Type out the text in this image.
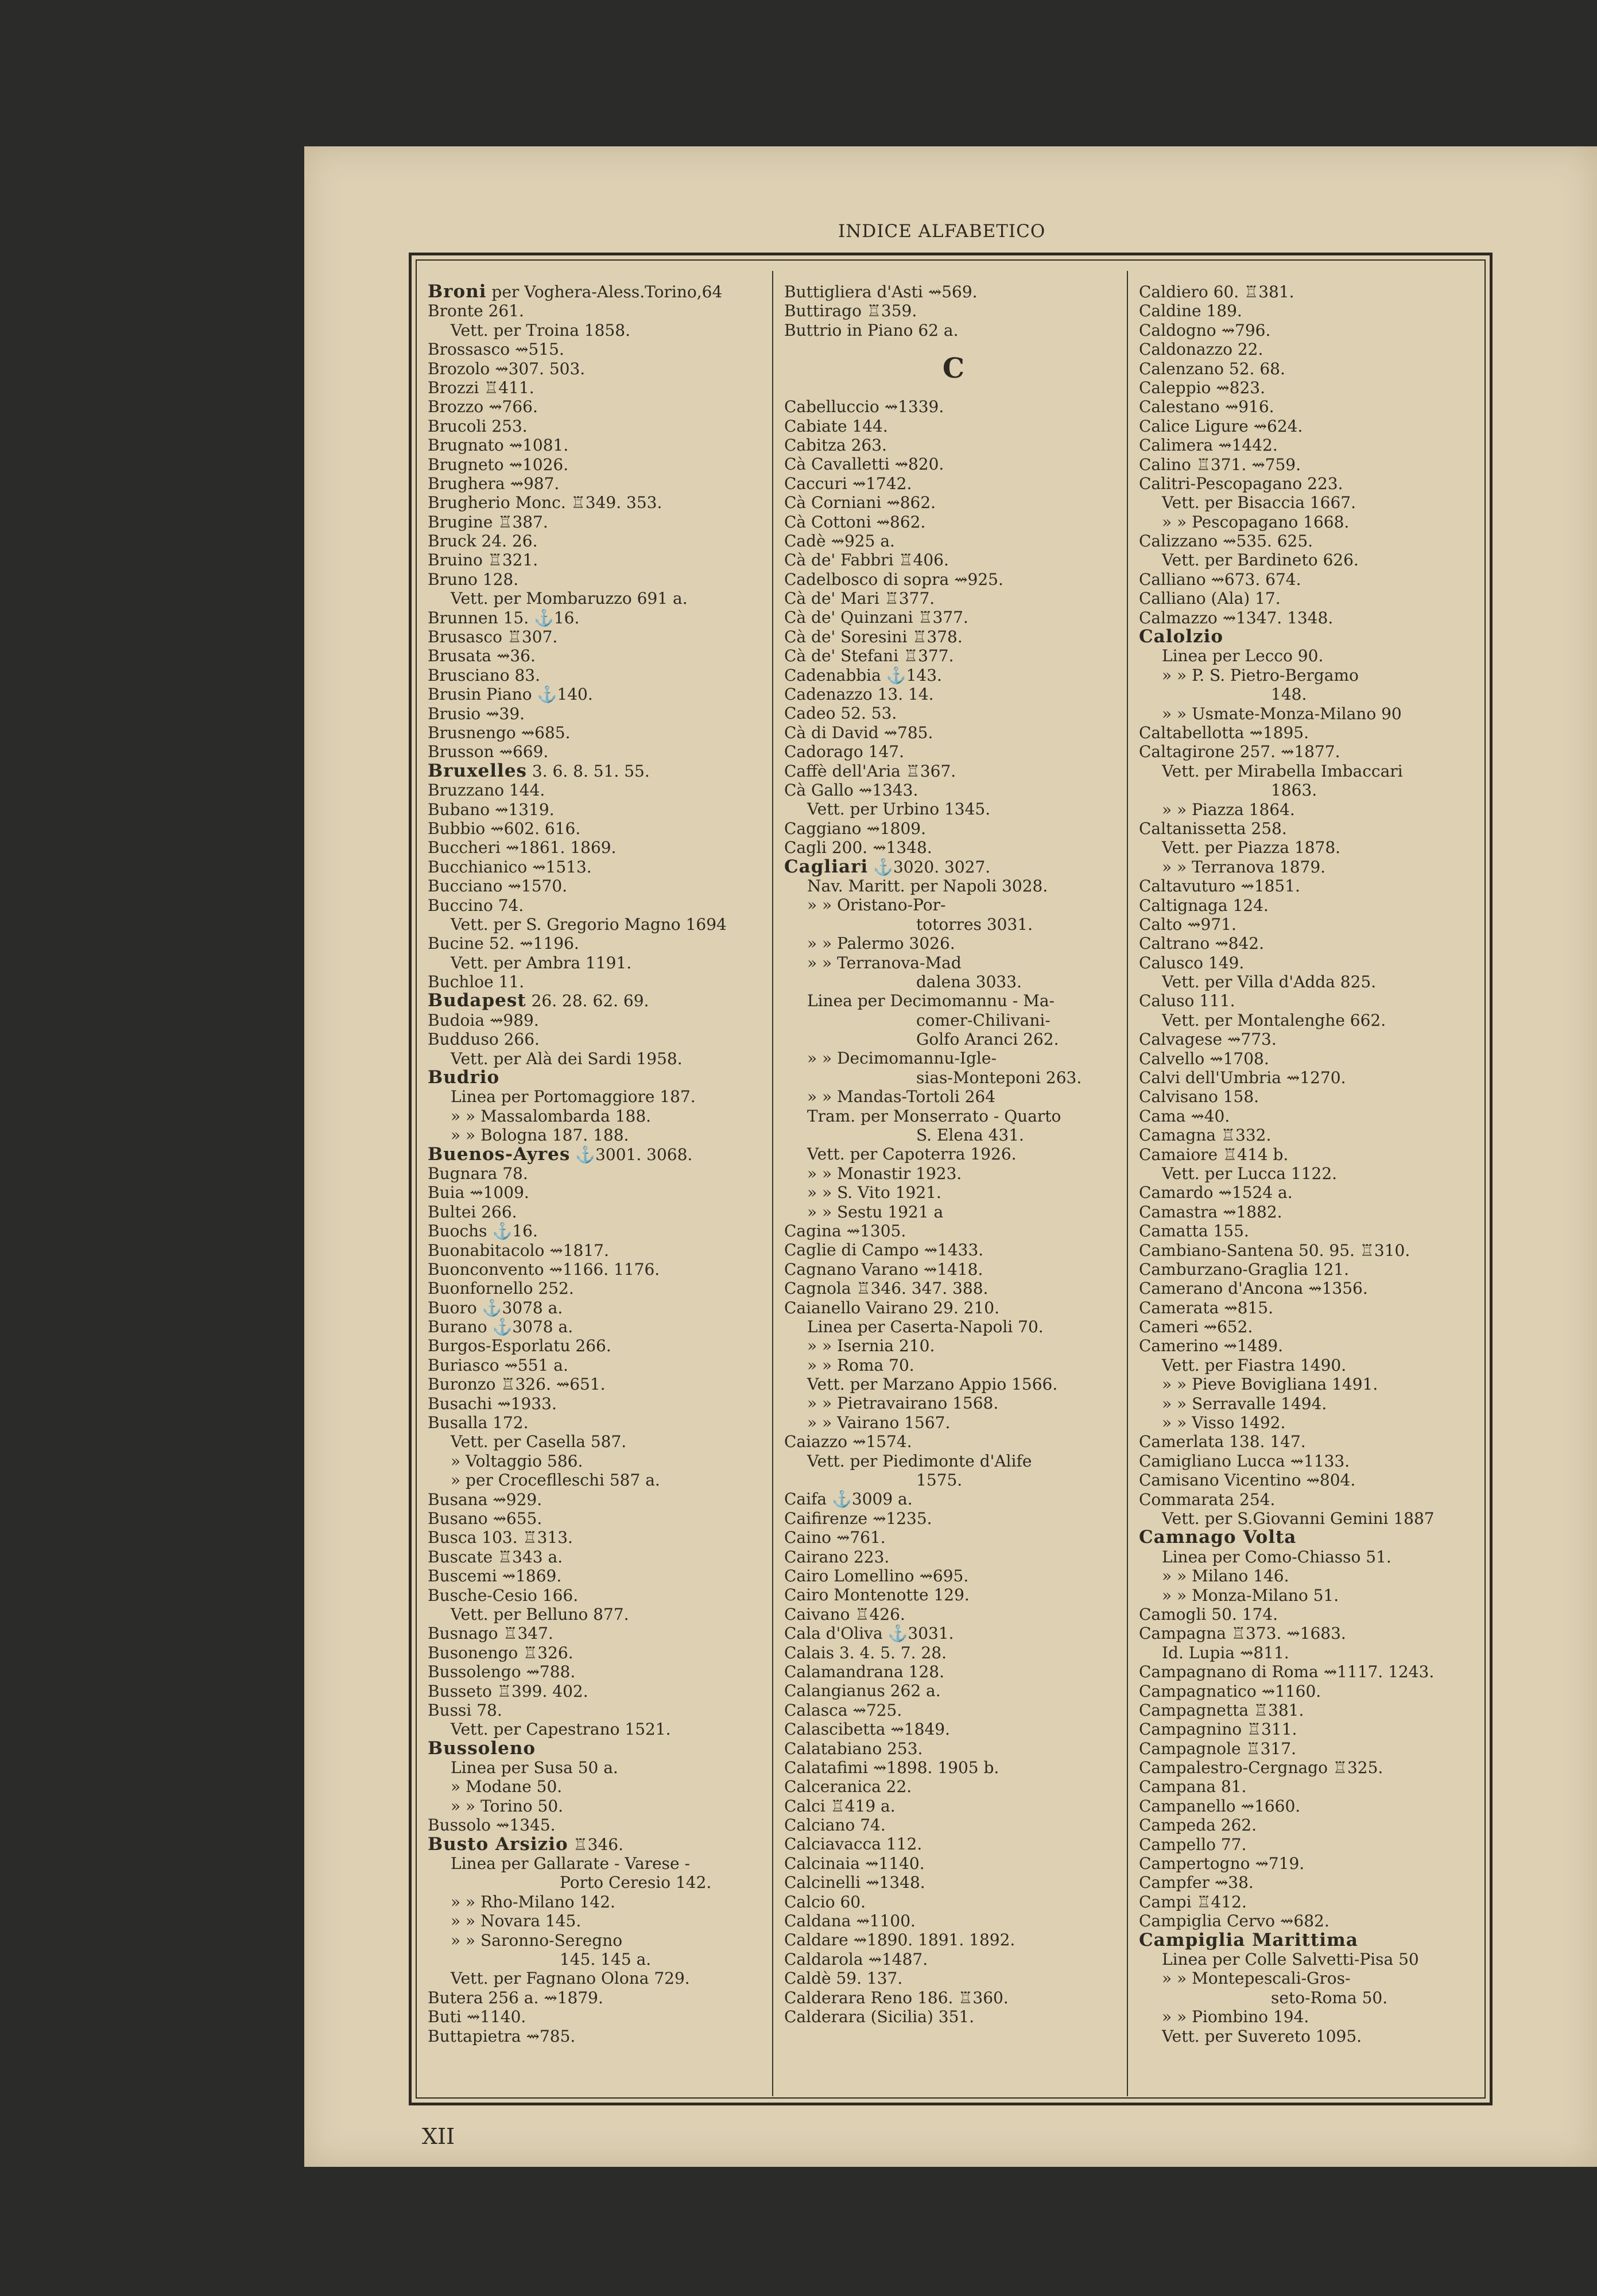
INDICE ALFABETICO
Broni per Voghera-Aless.Torino,64
Bronte 261.
Vett. per Troina 1858.
Brossasco ⇝515.
Brozolo ⇝307. 503.
Brozzi ♖411.
Brozzo ⇝766.
Brucoli 253.
Brugnato ⇝1081.
Brugneto ⇝1026.
Brughera ⇝987.
Brugherio Monc. ♖349. 353.
Brugine ♖387.
Bruck 24. 26.
Bruino ♖321.
Bruno 128.
Vett. per Mombaruzzo 691 a.
Brunnen 15. ⚓16.
Brusasco ♖307.
Brusata ⇝36.
Brusciano 83.
Brusin Piano ⚓140.
Brusio ⇝39.
Brusnengo ⇝685.
Brusson ⇝669.
Bruxelles 3. 6. 8. 51. 55.
Bruzzano 144.
Bubano ⇝1319.
Bubbio ⇝602. 616.
Buccheri ⇝1861. 1869.
Bucchianico ⇝1513.
Bucciano ⇝1570.
Buccino 74.
Vett. per S. Gregorio Magno 1694
Bucine 52. ⇝1196.
Vett. per Ambra 1191.
Buchloe 11.
Budapest 26. 28. 62. 69.
Budoia ⇝989.
Budduso 266.
Vett. per Alà dei Sardi 1958.
Budrio
Linea per Portomaggiore 187.
» » Massalombarda 188.
» » Bologna 187. 188.
Buenos-Ayres ⚓3001. 3068.
Bugnara 78.
Buia ⇝1009.
Bultei 266.
Buochs ⚓16.
Buonabitacolo ⇝1817.
Buonconvento ⇝1166. 1176.
Buonfornello 252.
Buoro ⚓3078 a.
Burano ⚓3078 a.
Burgos-Esporlatu 266.
Buriasco ⇝551 a.
Buronzo ♖326. ⇝651.
Busachi ⇝1933.
Busalla 172.
Vett. per Casella 587.
» Voltaggio 586.
» per Croceflleschi 587 a.
Busana ⇝929.
Busano ⇝655.
Busca 103. ♖313.
Buscate ♖343 a.
Buscemi ⇝1869.
Busche-Cesio 166.
Vett. per Belluno 877.
Busnago ♖347.
Busonengo ♖326.
Bussolengo ⇝788.
Busseto ♖399. 402.
Bussi 78.
Vett. per Capestrano 1521.
Bussoleno
Linea per Susa 50 a.
» Modane 50.
» » Torino 50.
Bussolo ⇝1345.
Busto Arsizio ♖346.
Linea per Gallarate - Varese -
Porto Ceresio 142.
» » Rho-Milano 142.
» » Novara 145.
» » Saronno-Seregno
145. 145 a.
Vett. per Fagnano Olona 729.
Butera 256 a. ⇝1879.
Buti ⇝1140.
Buttapietra ⇝785.
Buttigliera d'Asti ⇝569.
Buttirago ♖359.
Buttrio in Piano 62 a.
C
Cabelluccio ⇝1339.
Cabiate 144.
Cabitza 263.
Cà Cavalletti ⇝820.
Caccuri ⇝1742.
Cà Corniani ⇝862.
Cà Cottoni ⇝862.
Cadè ⇝925 a.
Cà de' Fabbri ♖406.
Cadelbosco di sopra ⇝925.
Cà de' Mari ♖377.
Cà de' Quinzani ♖377.
Cà de' Soresini ♖378.
Cà de' Stefani ♖377.
Cadenabbia ⚓143.
Cadenazzo 13. 14.
Cadeo 52. 53.
Cà di David ⇝785.
Cadorago 147.
Caffè dell'Aria ♖367.
Cà Gallo ⇝1343.
Vett. per Urbino 1345.
Caggiano ⇝1809.
Cagli 200. ⇝1348.
Cagliari ⚓3020. 3027.
Nav. Maritt. per Napoli 3028.
» » Oristano-Por-
totorres 3031.
» » Palermo 3026.
» » Terranova-Mad
dalena 3033.
Linea per Decimomannu - Ma-
comer-Chilivani-
Golfo Aranci 262.
» » Decimomannu-Igle-
sias-Monteponi 263.
» » Mandas-Tortoli 264
Tram. per Monserrato - Quarto
S. Elena 431.
Vett. per Capoterra 1926.
» » Monastir 1923.
» » S. Vito 1921.
» » Sestu 1921 a
Cagina ⇝1305.
Caglie di Campo ⇝1433.
Cagnano Varano ⇝1418.
Cagnola ♖346. 347. 388.
Caianello Vairano 29. 210.
Linea per Caserta-Napoli 70.
» » Isernia 210.
» » Roma 70.
Vett. per Marzano Appio 1566.
» » Pietravairano 1568.
» » Vairano 1567.
Caiazzo ⇝1574.
Vett. per Piedimonte d'Alife
1575.
Caifa ⚓3009 a.
Caifirenze ⇝1235.
Caino ⇝761.
Cairano 223.
Cairo Lomellino ⇝695.
Cairo Montenotte 129.
Caivano ♖426.
Cala d'Oliva ⚓3031.
Calais 3. 4. 5. 7. 28.
Calamandrana 128.
Calangianus 262 a.
Calasca ⇝725.
Calascibetta ⇝1849.
Calatabiano 253.
Calatafimi ⇝1898. 1905 b.
Calceranica 22.
Calci ♖419 a.
Calciano 74.
Calciavacca 112.
Calcinaia ⇝1140.
Calcinelli ⇝1348.
Calcio 60.
Caldana ⇝1100.
Caldare ⇝1890. 1891. 1892.
Caldarola ⇝1487.
Caldè 59. 137.
Calderara Reno 186. ♖360.
Calderara (Sicilia) 351.
Caldiero 60. ♖381.
Caldine 189.
Caldogno ⇝796.
Caldonazzo 22.
Calenzano 52. 68.
Caleppio ⇝823.
Calestano ⇝916.
Calice Ligure ⇝624.
Calimera ⇝1442.
Calino ♖371. ⇝759.
Calitri-Pescopagano 223.
Vett. per Bisaccia 1667.
» » Pescopagano 1668.
Calizzano ⇝535. 625.
Vett. per Bardineto 626.
Calliano ⇝673. 674.
Calliano (Ala) 17.
Calmazzo ⇝1347. 1348.
Calolzio
Linea per Lecco 90.
» » P. S. Pietro-Bergamo
148.
» » Usmate-Monza-Milano 90
Caltabellotta ⇝1895.
Caltagirone 257. ⇝1877.
Vett. per Mirabella Imbaccari
1863.
» » Piazza 1864.
Caltanissetta 258.
Vett. per Piazza 1878.
» » Terranova 1879.
Caltavuturo ⇝1851.
Caltignaga 124.
Calto ⇝971.
Caltrano ⇝842.
Calusco 149.
Vett. per Villa d'Adda 825.
Caluso 111.
Vett. per Montalenghe 662.
Calvagese ⇝773.
Calvello ⇝1708.
Calvi dell'Umbria ⇝1270.
Calvisano 158.
Cama ⇝40.
Camagna ♖332.
Camaiore ♖414 b.
Vett. per Lucca 1122.
Camardo ⇝1524 a.
Camastra ⇝1882.
Camatta 155.
Cambiano-Santena 50. 95. ♖310.
Camburzano-Graglia 121.
Camerano d'Ancona ⇝1356.
Camerata ⇝815.
Cameri ⇝652.
Camerino ⇝1489.
Vett. per Fiastra 1490.
» » Pieve Bovigliana 1491.
» » Serravalle 1494.
» » Visso 1492.
Camerlata 138. 147.
Camigliano Lucca ⇝1133.
Camisano Vicentino ⇝804.
Commarata 254.
Vett. per S.Giovanni Gemini 1887
Camnago Volta
Linea per Como-Chiasso 51.
» » Milano 146.
» » Monza-Milano 51.
Camogli 50. 174.
Campagna ♖373. ⇝1683.
Id. Lupia ⇝811.
Campagnano di Roma ⇝1117. 1243.
Campagnatico ⇝1160.
Campagnetta ♖381.
Campagnino ♖311.
Campagnole ♖317.
Campalestro-Cergnago ♖325.
Campana 81.
Campanello ⇝1660.
Campeda 262.
Campello 77.
Campertogno ⇝719.
Campfer ⇝38.
Campi ♖412.
Campiglia Cervo ⇝682.
Campiglia Marittima
Linea per Colle Salvetti-Pisa 50
» » Montepescali-Gros-
seto-Roma 50.
» » Piombino 194.
Vett. per Suvereto 1095.
XII
